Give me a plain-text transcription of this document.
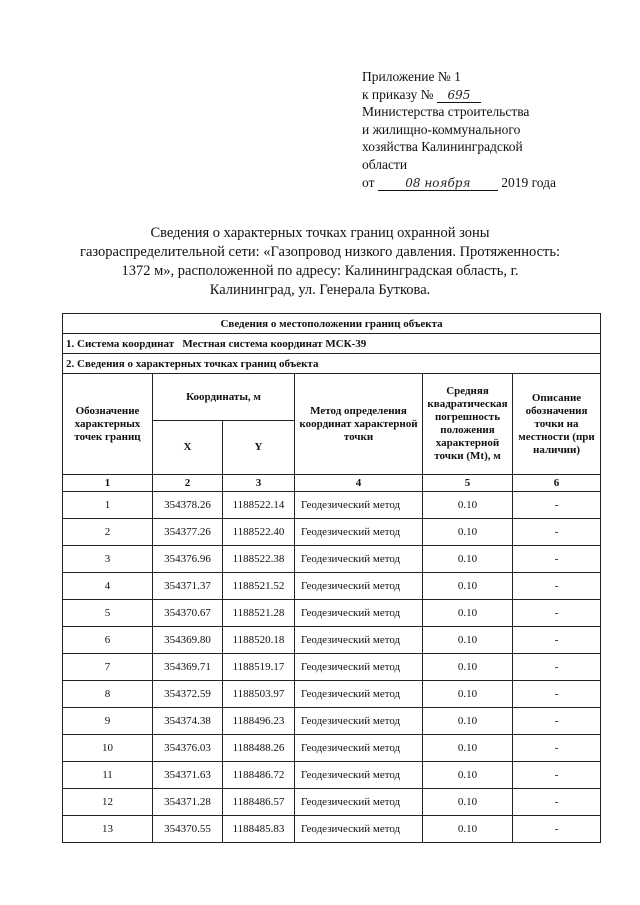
Приложение № 1
к приказу № 695
Министерства строительства
и жилищно-коммунального
хозяйства Калининградской
области
от	08 ноября 2019 года
Сведения о характерных точках границ охранной зоны газораспределительной сети: «Газопровод низкого давления. Протяженность: 1372 м», расположенной по адресу: Калининградская область, г. Калининград, ул. Генерала Буткова.
Сведения о местоположении границ объекта					
1. Система координат Местная система координат МСК-39					
2. Сведения о характерных точках границ объекта					
Обозначение характерных точек границ	Координаты, м		Метод определения координат характерной точки	Средняя квадратическая погрешность положения характерной точки (Mt), м	Описание обозначения точки на местности (при наличии)
	X	Y			
1	2	3	4	5	6
1	354378.26	1188522.14	Геодезический метод	0.10	-
2	354377.26	1188522.40	Геодезический метод	0.10	-
3	354376.96	1188522.38	Геодезический метод	0.10	-
4	354371.37	1188521.52	Геодезический метод	0.10	-
5	354370.67	1188521.28	Геодезический метод	0.10	-
6	354369.80	1188520.18	Геодезический метод	0.10	-
7	354369.71	1188519.17	Геодезический метод	0.10	-
8	354372.59	1188503.97	Геодезический метод	0.10	-
9	354374.38	1188496.23	Геодезический метод	0.10	-
10	354376.03	1188488.26	Геодезический метод	0.10	-
11	354371.63	1188486.72	Геодезический метод	0.10	-
12	354371.28	1188486.57	Геодезический метод	0.10	-
13	354370.55	1188485.83	Геодезический метод	0.10	-
